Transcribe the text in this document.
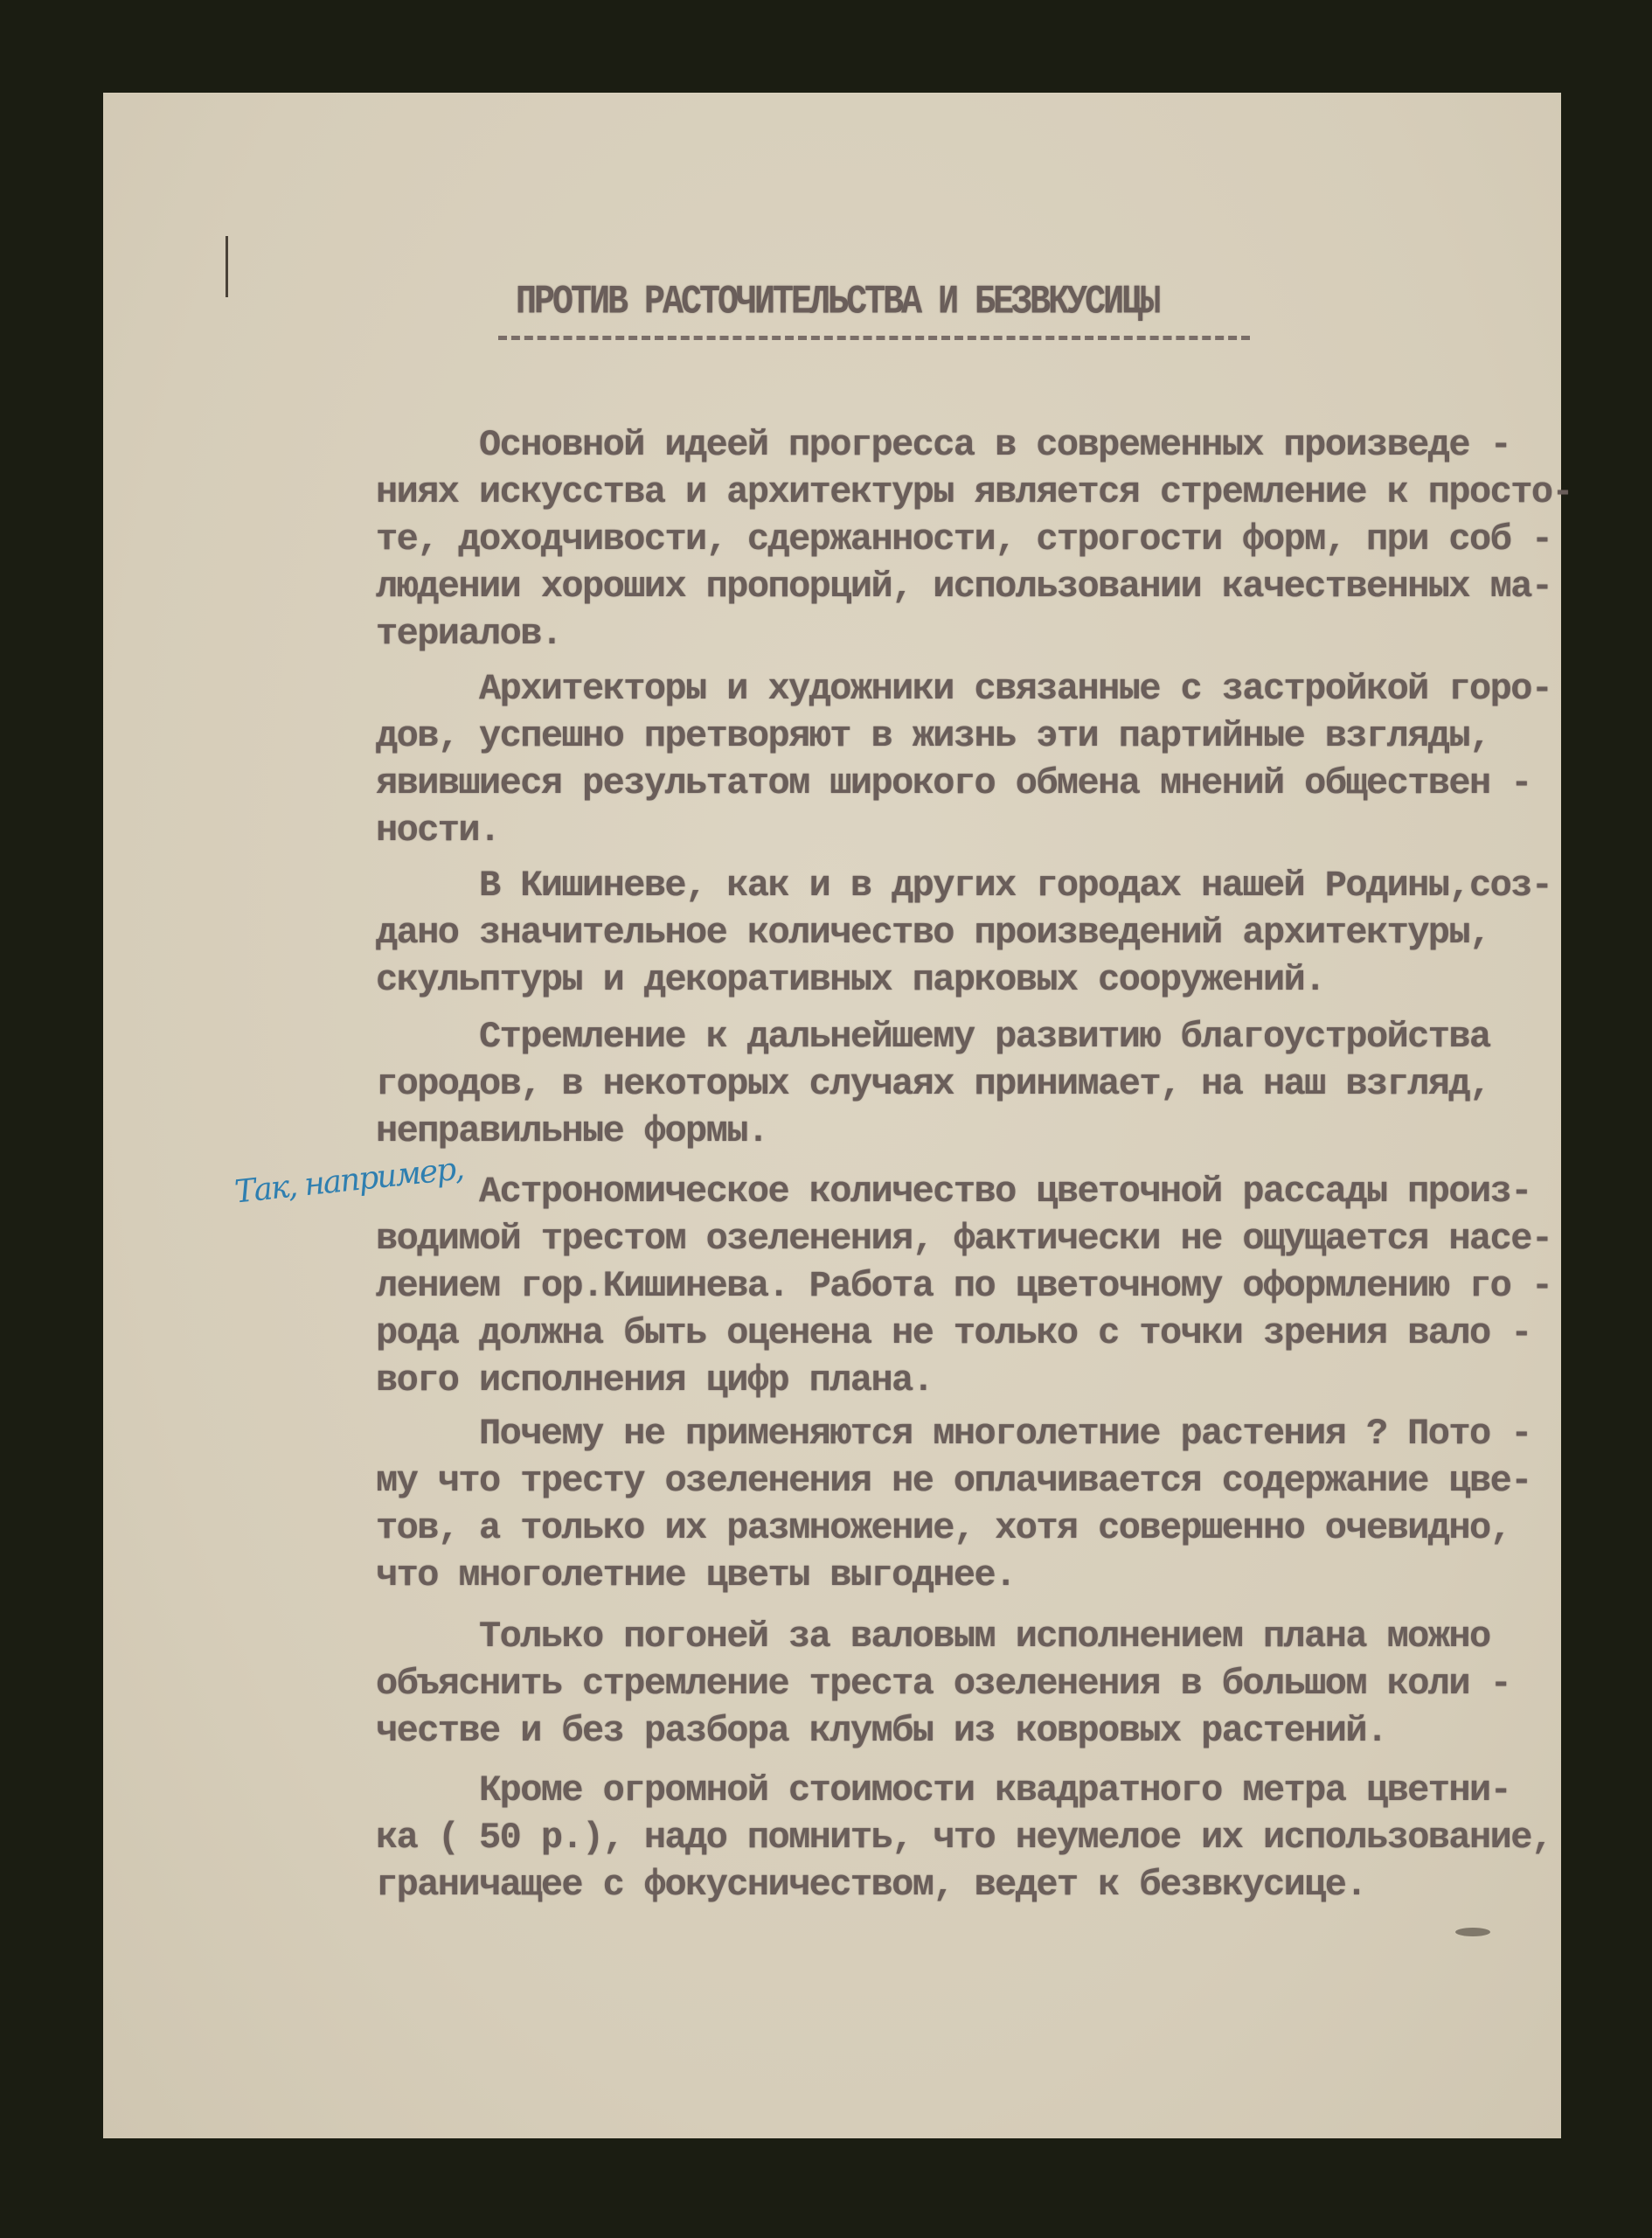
ПРОТИВ РАСТОЧИТЕЛЬСТВА И БЕЗВКУСИЦЫ
Так, например,
Основной идеей прогресса в современных произведе -
ниях искусства и архитектуры является стремление к просто-
те, доходчивости, сдержанности, строгости форм, при соб -
людении хороших пропорций, использовании качественных ма-
териалов.
Архитекторы и художники связанные с застройкой горо-
дов, успешно претворяют в жизнь эти партийные взгляды,
явившиеся результатом широкого обмена мнений обществен -
ности.
В Кишиневе, как и в других городах нашей Родины,соз-
дано значительное количество произведений архитектуры,
скульптуры и декоративных парковых сооружений.
Стремление к дальнейшему развитию благоустройства
городов, в некоторых случаях принимает, на наш взгляд,
неправильные формы.
Астрономическое количество цветочной рассады произ-
водимой трестом озеленения, фактически не ощущается насе-
лением гор.Кишинева. Работа по цветочному оформлению го -
рода должна быть оценена не только с точки зрения вало -
вого исполнения цифр плана.
Почему не применяются многолетние растения ? Пото -
му что тресту озеленения не оплачивается содержание цве-
тов, а только их размножение, хотя совершенно очевидно,
что многолетние цветы выгоднее.
Только погоней за валовым исполнением плана можно
объяснить стремление треста озеленения в большом коли -
честве и без разбора клумбы из ковровых растений.
Кроме огромной стоимости квадратного метра цветни-
ка ( 50 р.), надо помнить, что неумелое их использование,
граничащее с фокусничеством, ведет к безвкусице.
